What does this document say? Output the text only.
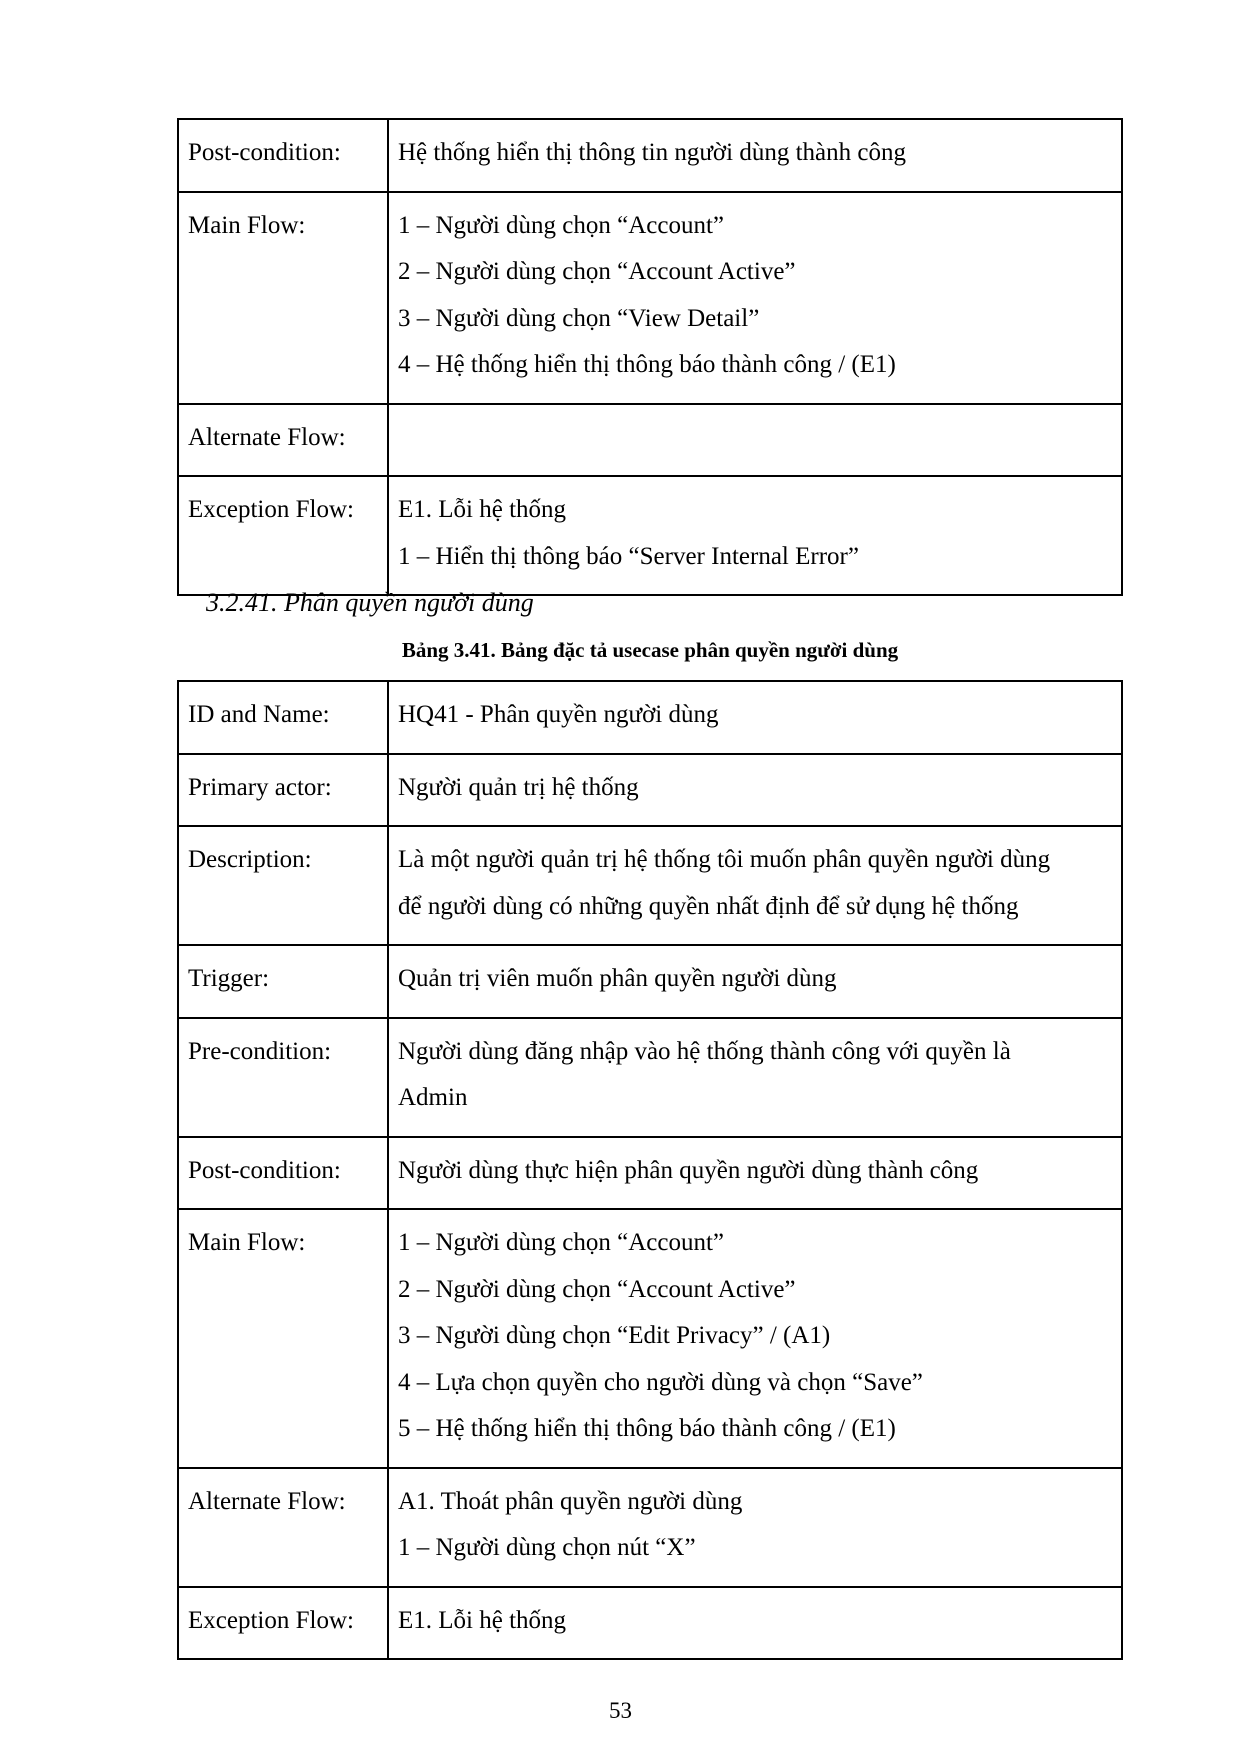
Post-condition:	Hệ thống hiển thị thông tin người dùng thành công

Main Flow:	1 – Người dùng chọn “Account”
2 – Người dùng chọn “Account Active”
3 – Người dùng chọn “View Detail”
4 – Hệ thống hiển thị thông báo thành công / (E1)

Alternate Flow:	
Exception Flow:	E1. Lỗi hệ thống
1 – Hiển thị thông báo “Server Internal Error”
3.2.41. Phân quyền người dùng
Bảng 3.41. Bảng đặc tả usecase phân quyền người dùng
ID and Name:	HQ41 - Phân quyền người dùng

Primary actor:	Người quản trị hệ thống

Description:	Là một người quản trị hệ thống tôi muốn phân quyền người dùng
để người dùng có những quyền nhất định để sử dụng hệ thống

Trigger:	Quản trị viên muốn phân quyền người dùng

Pre-condition:	Người dùng đăng nhập vào hệ thống thành công với quyền là
Admin

Post-condition:	Người dùng thực hiện phân quyền người dùng thành công

Main Flow:	1 – Người dùng chọn “Account”
2 – Người dùng chọn “Account Active”
3 – Người dùng chọn “Edit Privacy” / (A1)
4 – Lựa chọn quyền cho người dùng và chọn “Save”
5 – Hệ thống hiển thị thông báo thành công / (E1)

Alternate Flow:	A1. Thoát phân quyền người dùng
1 – Người dùng chọn nút “X”

Exception Flow:	E1. Lỗi hệ thống
53
